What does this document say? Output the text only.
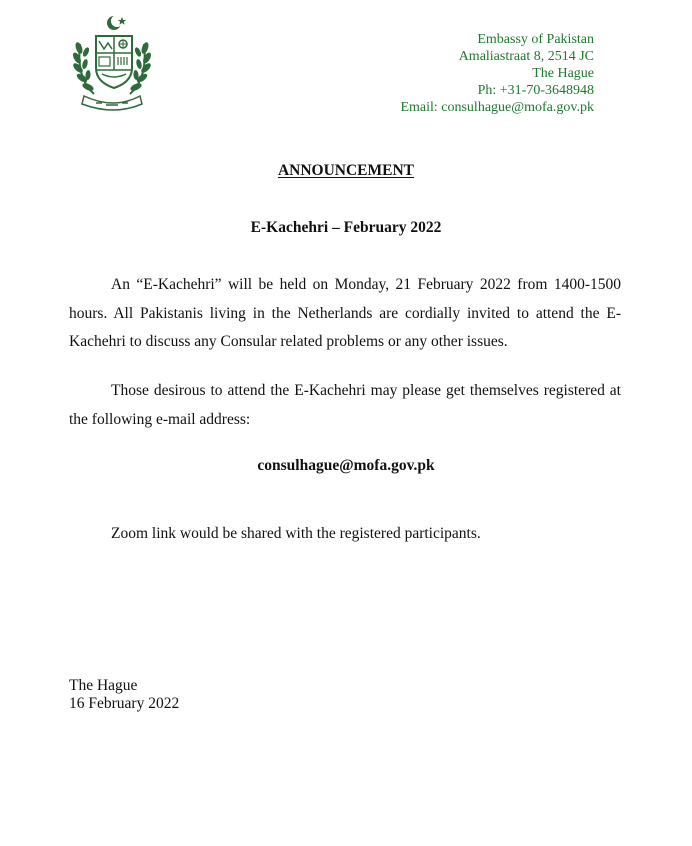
Embassy of Pakistan
Amaliastraat 8, 2514 JC
The Hague
Ph: +31-70-3648948
Email: consulhague@mofa.gov.pk
ANNOUNCEMENT
E-Kachehri – February 2022
An “E-Kachehri” will be held on Monday, 21 February 2022 from 1400-1500 hours. All Pakistanis living in the Netherlands are cordially invited to attend the E-Kachehri to discuss any Consular related problems or any other issues.
Those desirous to attend the E-Kachehri may please get themselves registered at the following e-mail address:
consulhague@mofa.gov.pk
Zoom link would be shared with the registered participants.
The Hague
16 February 2022
